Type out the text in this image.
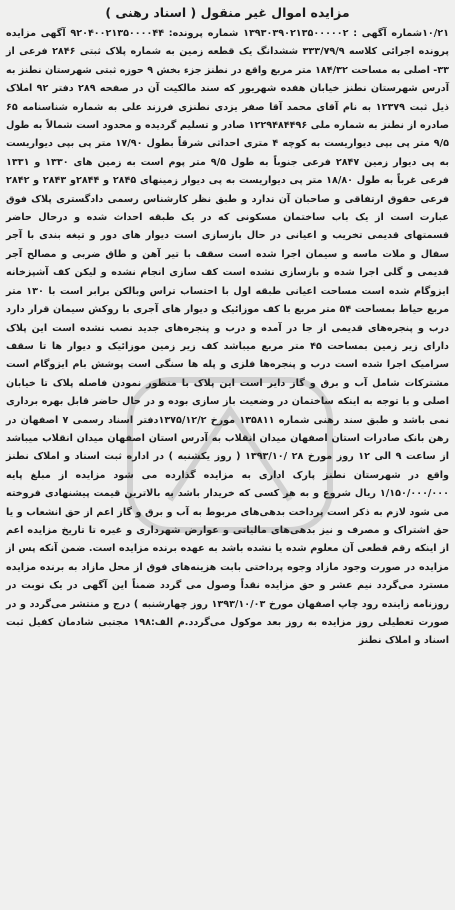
مزایده اموال غیر منقول ( اسناد رهنی )
۱۰/۲۱شماره آگهی : ۱۳۹۳۰۳۹۰۲۱۳۵۰۰۰۰۰۲ شماره پرونده: ۹۲۰۴۰۰۲۱۳۵۰۰۰۰۴۴ آگهی مزایده پرونده اجرائی کلاسه ۳۳۳/۷۹/۹ ششدانگ یک قطعه زمین به شماره پلاک ثبتی ۲۸۴۶ فرعی از ۳۳- اصلی به مساحت ۱۸۴/۳۲ متر مربع واقع در نطنز جزء بخش ۹ حوزه ثبتی شهرستان نطنز به آدرس شهرستان نطنز خیابان هفده شهریور که سند مالکیت آن در صفحه ۲۸۹ دفتر ۹۲ املاک ذیل ثبت ۱۲۳۷۹ به نام آقای محمد آقا صفر یزدی نطنزی فرزند علی به شماره شناسنامه ۶۵ صادره از نطنز به شماره ملی ۱۲۲۹۴۸۴۴۹۶ صادر و تسلیم گردیده و محدود است شمالاً به طول ۹/۵ متر پی بپی دیواریست به کوچه ۴ متری احداثی شرقاً بطول ۱۷/۹۰ متر پی بپی دیواریست به پی دیوار زمین ۲۸۴۷ فرعی جنوباً به طول ۹/۵ متر پوم است به زمین های ۱۳۳۰ و ۱۳۳۱ فرعی غرباً به طول ۱۸/۸۰ متر پی دیواریست به پی دیوار زمینهای ۲۸۴۵ و ۲۸۴۴و ۲۸۴۳ و ۲۸۴۲ فرعی حقوق ارتفاقی و صاحبان آن ندارد و طبق نظر کارشناس رسمی دادگستری پلاک فوق عبارت است از یک باب ساختمان مسکونی که در یک طبقه احداث شده و درحال حاضر قسمتهای قدیمی تخریب و اعیانی در حال بازسازی است دیوار های دور و تیغه بندی با آجر سفال و ملات ماسه و سیمان اجرا شده است سقف با تیر آهن و طاق ضربی و مصالح آجر قدیمی و گلی اجرا شده و بازسازی نشده است کف سازی انجام نشده و لیکن کف آشپزخانه ایزوگام شده است مساحت اعیانی طبقه اول با احتساب تراس وبالکن برابر است با ۱۳۰ متر مربع حیاط بمساحت ۵۴ متر مربع با کف موزائیک و دیوار های آجری با روکش سیمان قرار دارد درب و پنجره‌های قدیمی از جا در آمده و درب و پنجره‌های جدید نصب نشده است این پلاک دارای زیر زمین بمساحت ۴۵ متر مربع میباشد کف زیر زمین موزائیک و دیوار ها تا سقف سرامیک اجرا شده است درب و پنجره‌ها فلزی و پله ها سنگی است پوشش بام ایزوگام است مشترکات شامل آب و برق و گاز دایر است این پلاک با منظور نمودن فاصله پلاک تا خیابان اصلی و با توجه به اینکه ساختمان در وضعیت باز سازی بوده و در حال حاضر قابل بهره برداری نمی باشد و طبق سند رهنی شماره ۱۳۵۸۱۱ مورخ ۱۳۷۵/۱۲/۲دفتر اسناد رسمی ۷ اصفهان در رهن بانک صادرات استان اصفهان میدان انقلاب به آدرس استان اصفهان میدان انقلاب میباشد از ساعت ۹ الی ۱۲ روز مورخ ۲۸ /۱۳۹۳/۱۰ ( روز یکشنبه ) در اداره ثبت اسناد و املاک نطنز واقع در شهرستان نطنز پارک اداری به مزایده گذارده می شود مزایده از مبلغ پایه ۱/۱۵۰/۰۰۰/۰۰۰ ریال شروع و به هر کسی که خریدار باشد به بالاترین قیمت پیشنهادی فروخته می شود لازم به ذکر است پرداخت بدهی‌های مربوط به آب و برق و گاز اعم از حق انشعاب و یا حق اشتراک و مصرف و نیز بدهی‌های مالیاتی و عوارض شهرداری و غیره تا تاریخ مزایده اعم از اینکه رقم قطعی آن معلوم شده یا نشده باشد به عهده برنده مزایده است. ضمن آنکه پس از مزایده در صورت وجود مازاد وجوه پرداختی بابت هزینه‌های فوق از محل مازاد به برنده مزایده مسترد می‌گردد نیم عشر و حق مزایده نقداً وصول می گردد ضمناً این آگهی در یک نوبت در روزنامه زاینده رود چاپ اصفهان مورخ ۱۳۹۳/۱۰/۰۳ روز چهارشنبه ) درج و منتشر می‌گردد و در صورت تعطیلی روز مزایده به روز بعد موکول می‌گردد.م الف:۱۹۸ مجتبی شادمان کفیل ثبت اسناد و املاک نطنز
